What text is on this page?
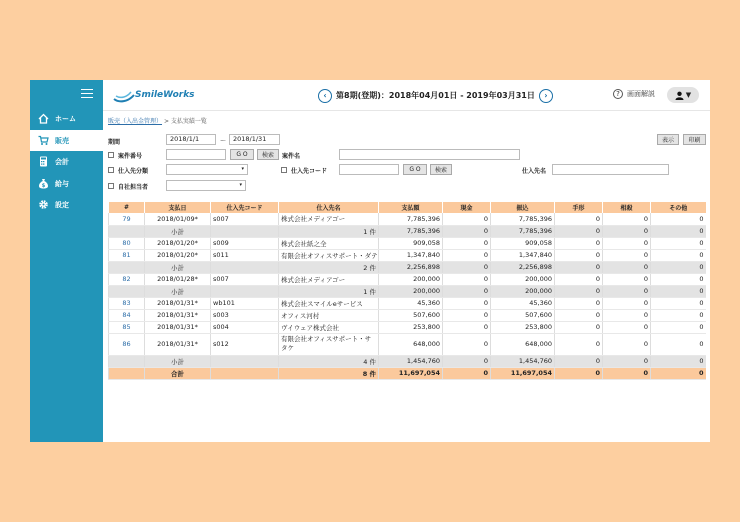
ホーム
販売
会計
$ 給与
設定
SmileWorks	‹ 第8期(登期)：2018年04月01日 - 2019年03月31日 ›	?	画面解説	▼
販売（入出金管理） > 支払実績一覧
期間	2018/1/1	〜	2018/1/31	表示	印刷
案件番号	G O	検索	案件名
仕入先分類	▾	仕入先コード	G O	検索	仕入先名
自社担当者	▾
#	支払日	仕入先コード	仕入先名	支払額	現金	振込	手形	相殺	その他
79	2018/01/09*	s007	株式会社メディアゴー	7,785,396	0	7,785,396	0	0	0
	小計		1 件	7,785,396	0	7,785,396	0	0	0
80	2018/01/20*	s009	株式会社紙之全	909,058	0	909,058	0	0	0
81	2018/01/20*	s011	有限会社オフィスサポート・ダテ	1,347,840	0	1,347,840	0	0	0
	小計		2 件	2,256,898	0	2,256,898	0	0	0
82	2018/01/28*	s007	株式会社メディアゴー	200,000	0	200,000	0	0	0
	小計		1 件	200,000	0	200,000	0	0	0
83	2018/01/31*	wb101	株式会社スマイルeサービス	45,360	0	45,360	0	0	0
84	2018/01/31*	s003	オフィス河村	507,600	0	507,600	0	0	0
85	2018/01/31*	s004	ヴイウェア株式会社	253,800	0	253,800	0	0	0
86	2018/01/31*	s012	有限会社オフィスサポート・サタケ	648,000	0	648,000	0	0	0
	小計		4 件	1,454,760	0	1,454,760	0	0	0
	合計		8 件	11,697,054	0	11,697,054	0	0	0
